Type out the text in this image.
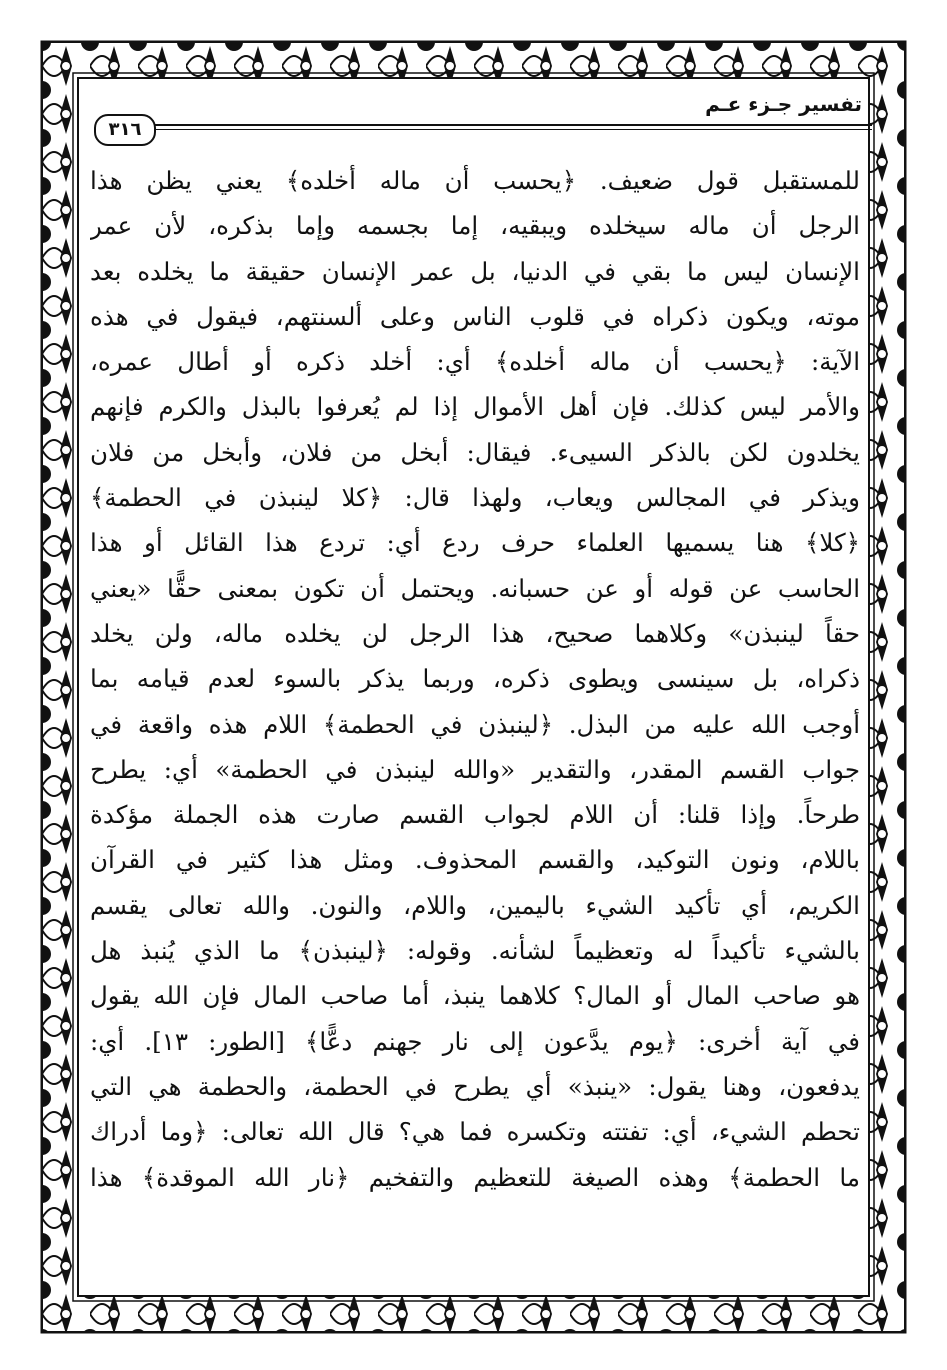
تفسير جـزء عـم
٣١٦
للمستقبل قول ضعيف. ﴿يحسب أن ماله أخلده﴾ يعني يظن هذا
الرجل أن ماله سيخلده ويبقيه، إما بجسمه وإما بذكره، لأن عمر
الإنسان ليس ما بقي في الدنيا، بل عمر الإنسان حقيقة ما يخلده بعد
موته، ويكون ذكراه في قلوب الناس وعلى ألسنتهم، فيقول في هذه
الآية: ﴿يحسب أن ماله أخلده﴾ أي: أخلد ذكره أو أطال عمره،
والأمر ليس كذلك. فإن أهل الأموال إذا لم يُعرفوا بالبذل والكرم فإنهم
يخلدون لكن بالذكر السيىء. فيقال: أبخل من فلان، وأبخل من فلان
ويذكر في المجالس ويعاب، ولهذا قال: ﴿كلا لينبذن في الحطمة﴾
﴿كلا﴾ هنا يسميها العلماء حرف ردع أي: تردع هذا القائل أو هذا
الحاسب عن قوله أو عن حسبانه. ويحتمل أن تكون بمعنى حقًّا «يعني
حقاً لينبذن» وكلاهما صحيح، هذا الرجل لن يخلده ماله، ولن يخلد
ذكراه، بل سينسى ويطوى ذكره، وربما يذكر بالسوء لعدم قيامه بما
أوجب الله عليه من البذل. ﴿لينبذن في الحطمة﴾ اللام هذه واقعة في
جواب القسم المقدر، والتقدير «والله لينبذن في الحطمة» أي: يطرح
طرحاً. وإذا قلنا: أن اللام لجواب القسم صارت هذه الجملة مؤكدة
باللام، ونون التوكيد، والقسم المحذوف. ومثل هذا كثير في القرآن
الكريم، أي تأكيد الشيء باليمين، واللام، والنون. والله تعالى يقسم
بالشيء تأكيداً له وتعظيماً لشأنه. وقوله: ﴿لينبذن﴾ ما الذي يُنبذ هل
هو صاحب المال أو المال؟ كلاهما ينبذ، أما صاحب المال فإن الله يقول
في آية أخرى: ﴿يوم يدَّعون إلى نار جهنم دعًّا﴾ [الطور: ١٣]. أي:
يدفعون، وهنا يقول: «ينبذ» أي يطرح في الحطمة، والحطمة هي التي
تحطم الشيء، أي: تفتته وتكسره فما هي؟ قال الله تعالى: ﴿وما أدراك
ما الحطمة﴾ وهذه الصيغة للتعظيم والتفخيم ﴿نار الله الموقدة﴾ هذا
